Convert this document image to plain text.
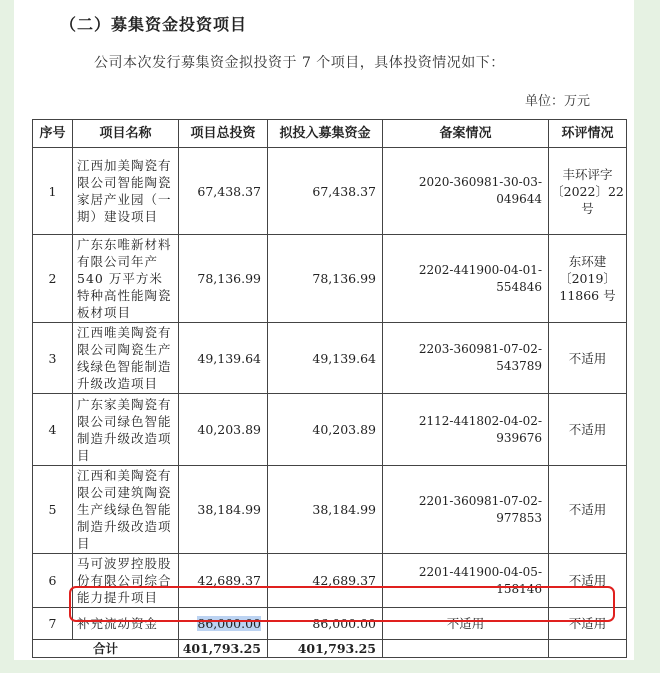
（二）募集资金投资项目
公司本次发行募集资金拟投资于 7 个项目，具体投资情况如下：
单位：万元
序号	项目名称	项目总投资	拟投入募集资金	备案情况	环评情况
1	江西加美陶瓷有限公司智能陶瓷家居产业园（一期）建设项目	67,438.37	67,438.37	2020-360981-30-03-049644	丰环评字〔2022〕22 号
2	广东东唯新材料有限公司年产540 万平方米特种高性能陶瓷板材项目	78,136.99	78,136.99	2202-441900-04-01-554846	东环建〔2019〕11866 号
3	江西唯美陶瓷有限公司陶瓷生产线绿色智能制造升级改造项目	49,139.64	49,139.64	2203-360981-07-02-543789	不适用
4	广东家美陶瓷有限公司绿色智能制造升级改造项目	40,203.89	40,203.89	2112-441802-04-02-939676	不适用
5	江西和美陶瓷有限公司建筑陶瓷生产线绿色智能制造升级改造项目	38,184.99	38,184.99	2201-360981-07-02-977853	不适用
6	马可波罗控股股份有限公司综合能力提升项目	42,689.37	42,689.37	2201-441900-04-05-158146	不适用
7	补充流动资金	86,000.00	86,000.00	不适用	不适用
合计		401,793.25	401,793.25		
